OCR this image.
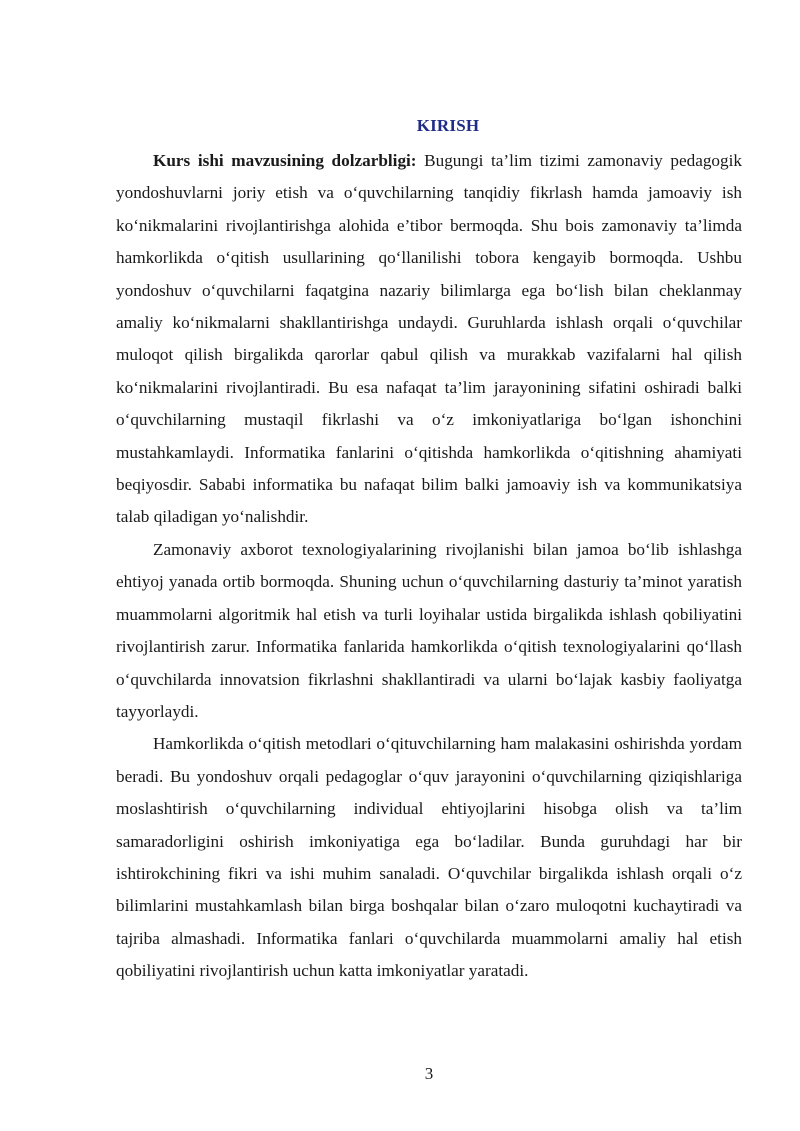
KIRISH

Kurs ishi mavzusining dolzarbligi: Bugungi ta’lim tizimi zamonaviy pedagogik yondoshuvlarni joriy etish va o‘quvchilarning tanqidiy fikrlash hamda jamoaviy ish ko‘nikmalarini rivojlantirishga alohida e’tibor bermoqda. Shu bois zamonaviy ta’limda hamkorlikda o‘qitish usullarining qo‘llanilishi tobora kengayib bormoqda. Ushbu yondoshuv o‘quvchilarni faqatgina nazariy bilimlarga ega bo‘lish bilan cheklanmay amaliy ko‘nikmalarni shakllantirishga undaydi. Guruhlarda ishlash orqali o‘quvchilar muloqot qilish birgalikda qarorlar qabul qilish va murakkab vazifalarni hal qilish ko‘nikmalarini rivojlantiradi. Bu esa nafaqat ta’lim jarayonining sifatini oshiradi balki o‘quvchilarning mustaqil fikrlashi va o‘z imkoniyatlariga bo‘lgan ishonchini mustahkamlaydi. Informatika fanlarini o‘qitishda hamkorlikda o‘qitishning ahamiyati beqiyosdir. Sababi informatika bu nafaqat bilim balki jamoaviy ish va kommunikatsiya talab qiladigan yo‘nalishdir.

Zamonaviy axborot texnologiyalarining rivojlanishi bilan jamoa bo‘lib ishlashga ehtiyoj yanada ortib bormoqda. Shuning uchun o‘quvchilarning dasturiy ta’minot yaratish muammolarni algoritmik hal etish va turli loyihalar ustida birgalikda ishlash qobiliyatini rivojlantirish zarur. Informatika fanlarida hamkorlikda o‘qitish texnologiyalarini qo‘llash o‘quvchilarda innovatsion fikrlashni shakllantiradi va ularni bo‘lajak kasbiy faoliyatga tayyorlaydi.

Hamkorlikda o‘qitish metodlari o‘qituvchilarning ham malakasini oshirishda yordam beradi. Bu yondoshuv orqali pedagoglar o‘quv jarayonini o‘quvchilarning qiziqishlariga moslashtirish o‘quvchilarning individual ehtiyojlarini hisobga olish va ta’lim samaradorligini oshirish imkoniyatiga ega bo‘ladilar. Bunda guruhdagi har bir ishtirokchining fikri va ishi muhim sanaladi. O‘quvchilar birgalikda ishlash orqali o‘z bilimlarini mustahkamlash bilan birga boshqalar bilan o‘zaro muloqotni kuchaytiradi va tajriba almashadi. Informatika fanlari o‘quvchilarda muammolarni amaliy hal etish qobiliyatini rivojlantirish uchun katta imkoniyatlar yaratadi.

3
